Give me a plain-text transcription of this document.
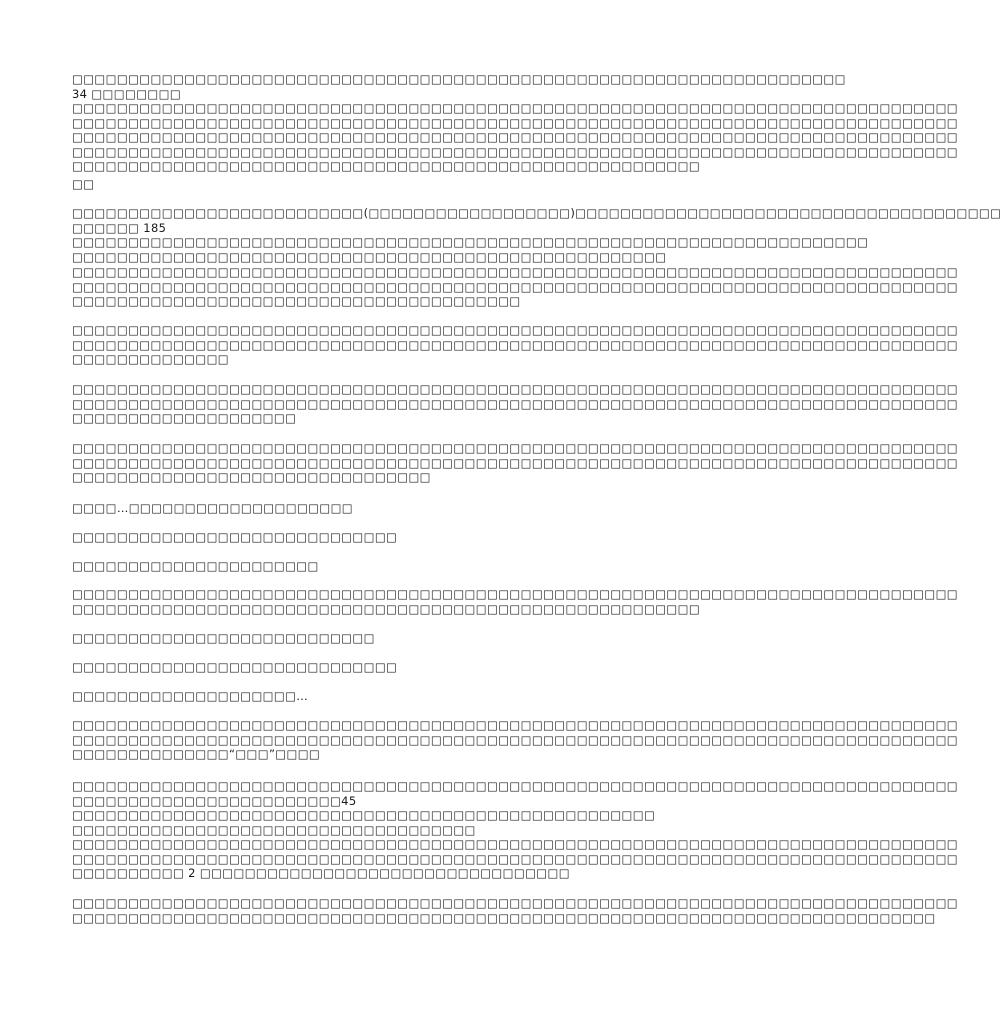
□□□□□□□□□□□□□□□□□□□□□□□□□□□□□□□□□□□□□□□□□□□□□□□□□□□□□□□□□□□□□□□□□□□□□ 34 □□□□□□□□
□□□□□□□□□□□□□□□□□□□□□□□□□□□□□□□□□□□□□□□□□□□□□□□□□□□□□□□□□□□□□□□□□□□□□□□□□□□□□□□
□□□□□□□□□□□□□□□□□□□□□□□□□□□□□□□□□□□□□□□□□□□□□□□□□□□□□□□□□□□□□□□□□□□□□□□□□□□□□□□
□□□□□□□□□□□□□□□□□□□□□□□□□□□□□□□□□□□□□□□□□□□□□□□□□□□□□□□□□□□□□□□□□□□□□□□□□□□□□□□
□□□□□□□□□□□□□□□□□□□□□□□□□□□□□□□□□□□□□□□□□□□□□□□□□□□□□□□□□□□□□□□□□□□□□□□□□□□□□□□
□□□□□□□□□□□□□□□□□□□□□□□□□□□□□□□□□□□□□□□□□□□□□□□□□□□□□□□□
□□
□□□□□□□□□□□□□□□□□□□□□□□□□□(□□□□□□□□□□□□□□□□□□)□□□□□□□□□□□□□□□□□□□□□□□□□□□□□□□□□□□□□□
□□□□□□ 185 □□□□□□□□□□□□□□□□□□□□□□□□□□□□□□□□□□□□□□□□□□□□□□□□□□□□□□□□□□□□□□□□□□□□□□□
□□□□□□□□□□□□□□□□□□□□□□□□□□□□□□□□□□□□□□□□□□□□□□□□□□□□□
□□□□□□□□□□□□□□□□□□□□□□□□□□□□□□□□□□□□□□□□□□□□□□□□□□□□□□□□□□□□□□□□□□□□□□□□□□□□□□□
□□□□□□□□□□□□□□□□□□□□□□□□□□□□□□□□□□□□□□□□□□□□□□□□□□□□□□□□□□□□□□□□□□□□□□□□□□□□□□□
□□□□□□□□□□□□□□□□□□□□□□□□□□□□□□□□□□□□□□□□
□□□□□□□□□□□□□□□□□□□□□□□□□□□□□□□□□□□□□□□□□□□□□□□□□□□□□□□□□□□□□□□□□□□□□□□□□□□□□□□
□□□□□□□□□□□□□□□□□□□□□□□□□□□□□□□□□□□□□□□□□□□□□□□□□□□□□□□□□□□□□□□□□□□□□□□□□□□□□□□
□□□□□□□□□□□□□□
□□□□□□□□□□□□□□□□□□□□□□□□□□□□□□□□□□□□□□□□□□□□□□□□□□□□□□□□□□□□□□□□□□□□□□□□□□□□□□□
□□□□□□□□□□□□□□□□□□□□□□□□□□□□□□□□□□□□□□□□□□□□□□□□□□□□□□□□□□□□□□□□□□□□□□□□□□□□□□□
□□□□□□□□□□□□□□□□□□□□
□□□□□□□□□□□□□□□□□□□□□□□□□□□□□□□□□□□□□□□□□□□□□□□□□□□□□□□□□□□□□□□□□□□□□□□□□□□□□□□
□□□□□□□□□□□□□□□□□□□□□□□□□□□□□□□□□□□□□□□□□□□□□□□□□□□□□□□□□□□□□□□□□□□□□□□□□□□□□□□
□□□□□□□□□□□□□□□□□□□□□□□□□□□□□□□□
□□□□…□□□□□□□□□□□□□□□□□□□□
□□□□□□□□□□□□□□□□□□□□□□□□□□□□□
□□□□□□□□□□□□□□□□□□□□□□
□□□□□□□□□□□□□□□□□□□□□□□□□□□□□□□□□□□□□□□□□□□□□□□□□□□□□□□□□□□□□□□□□□□□□□□□□□□□□□□
□□□□□□□□□□□□□□□□□□□□□□□□□□□□□□□□□□□□□□□□□□□□□□□□□□□□□□□□
□□□□□□□□□□□□□□□□□□□□□□□□□□□
□□□□□□□□□□□□□□□□□□□□□□□□□□□□□
□□□□□□□□□□□□□□□□□□□□…
□□□□□□□□□□□□□□□□□□□□□□□□□□□□□□□□□□□□□□□□□□□□□□□□□□□□□□□□□□□□□□□□□□□□□□□□□□□□□□□
□□□□□□□□□□□□□□□□□□□□□□□□□□□□□□□□□□□□□□□□□□□□□□□□□□□□□□□□□□□□□□□□□□□□□□□□□□□□□□□
□□□□□□□□□□□□□□“□□□”□□□□
□□□□□□□□□□□□□□□□□□□□□□□□□□□□□□□□□□□□□□□□□□□□□□□□□□□□□□□□□□□□□□□□□□□□□□□□□□□□□□□
□□□□□□□□□□□□□□□□□□□□□□□□45 □□□□□□□□□□□□□□□□□□□□□□□□□□□□□□□□□□□□□□□□□□□□□□□□□□□□
□□□□□□□□□□□□□□□□□□□□□□□□□□□□□□□□□□□□
□□□□□□□□□□□□□□□□□□□□□□□□□□□□□□□□□□□□□□□□□□□□□□□□□□□□□□□□□□□□□□□□□□□□□□□□□□□□□□□
□□□□□□□□□□□□□□□□□□□□□□□□□□□□□□□□□□□□□□□□□□□□□□□□□□□□□□□□□□□□□□□□□□□□□□□□□□□□□□□
□□□□□□□□□□ 2 □□□□□□□□□□□□□□□□□□□□□□□□□□□□□□□□□
□□□□□□□□□□□□□□□□□□□□□□□□□□□□□□□□□□□□□□□□□□□□□□□□□□□□□□□□□□□□□□□□□□□□□□□□□□□□□□□
□□□□□□□□□□□□□□□□□□□□□□□□□□□□□□□□□□□□□□□□□□□□□□□□□□□□□□□□□□□□□□□□□□□□□□□□□□□□□
